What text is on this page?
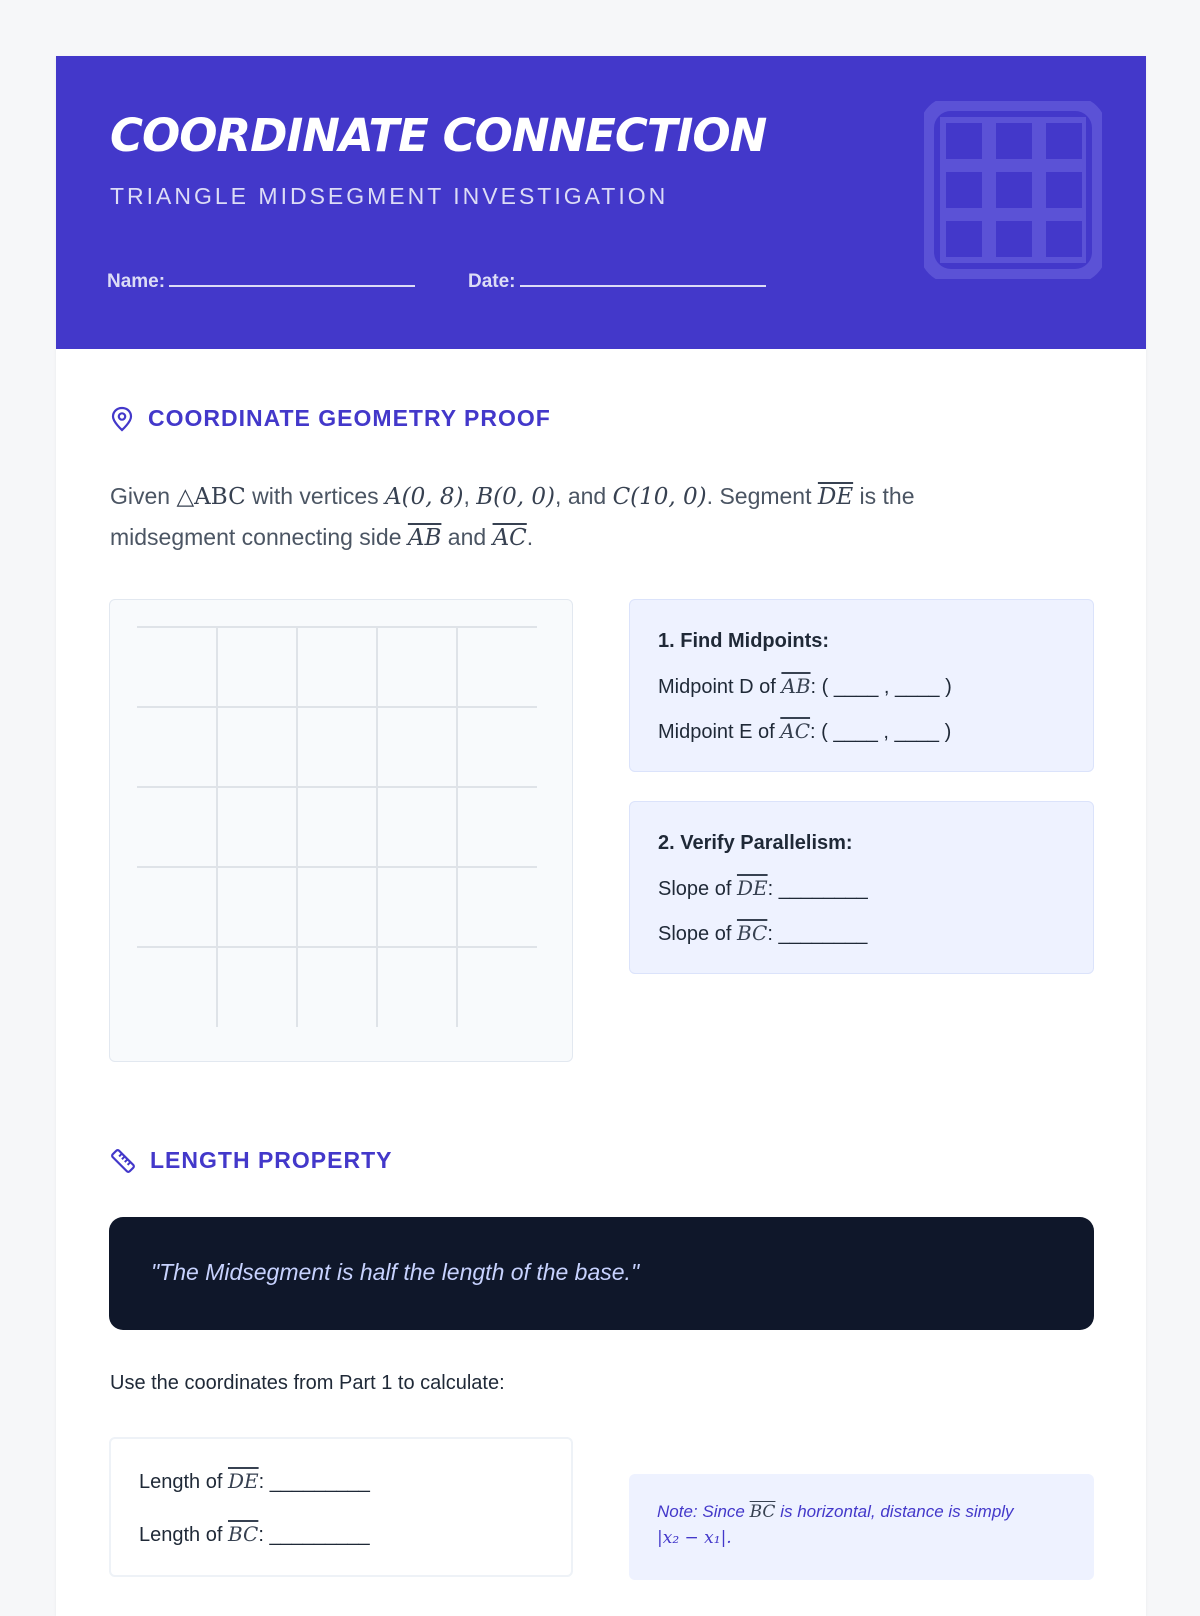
COORDINATE CONNECTION
TRIANGLE MIDSEGMENT INVESTIGATION
Name:	Date:
COORDINATE GEOMETRY PROOF
Given △ABC with vertices A(0, 8), B(0, 0), and C(10, 0). Segment $\overline{DE}$ is the
midsegment connecting side $\overline{AB}$ and $\overline{AC}$.
1. Find Midpoints:
Midpoint D of $\overline{AB}$: ( ____ , ____ )
Midpoint E of $\overline{AC}$: ( ____ , ____ )
2. Verify Parallelism:
Slope of $\overline{DE}$: ________
Slope of $\overline{BC}$: ________
LENGTH PROPERTY
"The Midsegment is half the length of the base."
Use the coordinates from Part 1 to calculate:
Length of $\overline{DE}$: _________
Length of $\overline{BC}$: _________
Note: Since $\overline{BC}$ is horizontal, distance is simply
|x₂ − x₁|.
